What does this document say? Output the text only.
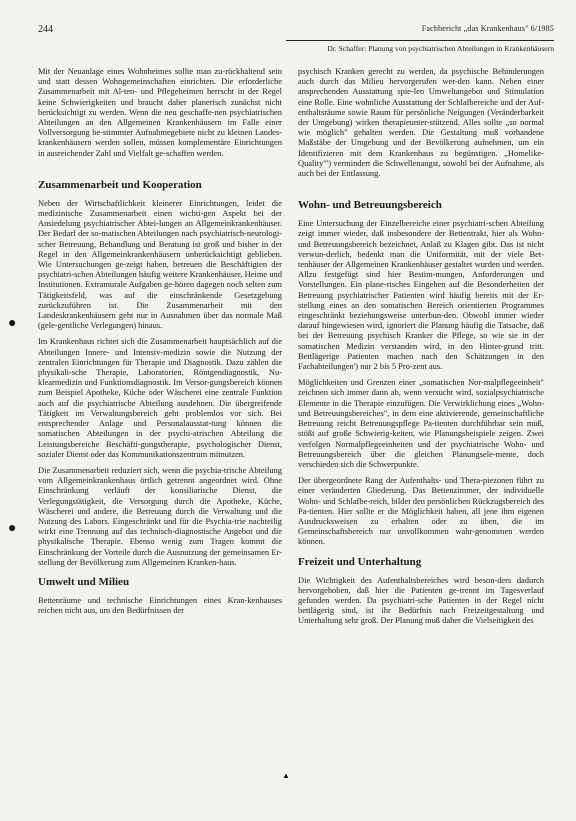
244	Fachbericht „das Krankenhaus" 6/1985
Dr. Schaffer: Planung von psychiatrischen Abteilungen in Krankenhäusern
●
●
▲

Mit der Neuanlage eines Wohnheimes sollte man zu-rückhaltend sein und statt dessen Wohngemeinschaften einrichten. Die erforderliche Zusammenarbeit mit Al-ten- und Pflegeheimen herrscht in der Regel keine Schwierigkeiten und braucht daher planerisch zunächst nicht berücksichtigt zu werden. Wenn die neu geschaffe-nen psychiatrischen Abteilungen an den Allgemeinen Krankenhäusern im Falle einer Vollversorgung be-stimmter Aufnahmegebiete nicht zu kleinen Landes-krankenhäusern werden sollen, müssen komplementäre Einrichtungen in ausreichender Zahl und Vielfalt ge-schaffen werden.

Zusammenarbeit und Kooperation

Neben der Wirtschaftlichkeit kleinerer Einrichtungen, leidet die medizinische Zusammenarbeit einen wichti-gen Aspekt bei der Ansiedelung psychiatrischer Abtei-lungen an Allgemeinkrankenhäuser. Der Bedarf der so-matischen Abteilungen nach psychiatrisch-neurologi-scher Betreuung, Behandlung und Beratung ist groß und bisher in der Regel in den Allgemeinkrankenhäusern unberücksichtigt geblieben. Wie Untersuchungen ge-zeigt haben, betreuen die Beschäftigten der psychiatri-schen Abteilungen häufig weitere Krankenhäuser, Heime und Institutionen. Extramurale Aufgaben ge-hören dagegen noch selten zum Tätigkeitsfeld, was auf die einschränkende Gesetzgebung zurückzuführen ist. Die Zusammenarbeit mit den Landeskrankenhäusern geht nur in Ausnahmen über das normale Maß (gele-gentliche Verlegungen) hinaus.

Im Krankenhaus richtet sich die Zusammenarbeit hauptsächlich auf die Abteilungen Innere- und Intensiv-medizin sowie die Nutzung der zentralen Einrichtungen für Therapie und Diagnostik. Dazu zählen die physikali-sche Therapie, Laboratorien, Röntgendiagnostik, Nu-klearmedizin und Funktionsdiagnostik. Im Versor-gungsbereich können zum Beispiel Apotheke, Küche oder Wäscherei eine zentrale Funktion auch auf die psychiatrische Abteilung ausdehnen. Die übergreifende Tätigkeit im Verwaltungsbereich geht problemlos vor sich. Bei entsprechender Anlage und Personalausstat-tung können die somatischen Abteilungen in der psychi-atrischen Abteilung die Leistungsbereiche Beschäfti-gungstherapie, psychologischer Dienst, sozialer Dienst oder das Kommunikationszentrum mitnutzen.

Die Zusammenarbeit reduziert sich, wenn die psychia-trische Abteilung vom Allgemeinkrankenhaus örtlich getrennt angeordnet wird. Ohne Einschränkung verläuft der konsiliarische Dienst, die Verlegungstätigkeit, die Versorgung durch die Apotheke, Küche, Wäscherei und andere, die Betreuung durch die Verwaltung und die Nutzung des Labors. Eingeschränkt und für die Psychia-trie nachteilig wirkt eine Trennung auf das technisch-diagnostische Angebot und die physikalische Therapie. Ebenso wenig zum Tragen kommt die Einschränkung der Vorteile durch die Ausnutzung der gemeinsamen Er-stellung der Bevölkerung zum Allgemeinen Kranken-haus.

Umwelt und Milieu

Bettenräume und technische Einrichtungen eines Kran-kenhauses reichen nicht aus, um den Bedürfnissen der

psychisch Kranken gerecht zu werden, da psychische Behinderungen auch durch das Milieu hervorgerufen wer-den kann. Neben einer ansprechenden Ausstattung spie-len Umweltangebot und Stimulation eine Rolle. Eine wohnliche Ausstattung der Schlafbereiche und der Auf-enthaltsräume sowie Raum für persönliche Neigungen (Veränderbarkeit der Umgebung) wirken therapieunter-stützend. Alles sollte „so normal wie möglich" gehalten werden. Die Gestaltung muß vorhandene Maßstäbe der Umgebung und der Bevölkerung aufnehmen, um ein Identifizieren mit dem Krankenhaus zu begünstigen. „Homelike-Quality"') vermindert die Schwellenangst, sowohl bei der Aufnahme, als auch bei der Entlassung.

Wohn- und Betreuungsbereich

Eine Untersuchung der Einzelbereiche einer psychiatri-schen Abteilung zeigt immer wieder, daß insbesondere der Bettentrakt, hier als Wohn- und Betreuungsbereich bezeichnet, Anlaß zu Klagen gibt. Das ist nicht verwun-derlich, bedenkt man die Uniformität, mit der viele Bet-tenhäuser der Allgemeinen Krankenhäuser gestaltet wurden und werden. Allzu festgefügt sind hier Bestim-mungen, Anforderungen und Vorstellungen. Ein plane-risches Eingehen auf die Besonderheiten der Betreuung psychiatrischer Patienten wird häufig bereits mit der Er-stellung eines an den somatischen Bereich orientierten Programmes eingeschränkt beziehungsweise unterbun-den. Obwohl immer wieder darauf hingewiesen wird, ignoriert die Planung häufig die Tatsache, daß bei der Betreuung psychisch Kranker die Pflege, so wie sie in der somatischen Medizin verstanden wird, in den Hinter-grund tritt. Bettlägerige Patienten machen nach den Schätzungen in den Fachabteilungen') nur 2 bis 5 Pro-zent aus.

Möglichkeiten und Grenzen einer „somatischen Nor-malpflegeeinheit" zeichnen sich immer dann ab, wenn versucht wird, sozialpsychiatrische Elemente in die Therapie einzufügen. Die Verwirklichung eines „Wohn- und Betreuungsbereiches", in dem eine aktivierende, gemeinschaftliche Betreuung reicht Betreuungspflege Pa-tienten durchführbar sein muß, stößt auf große Schwierig-keiten, wie Planungsbeispiele zeigen. Zwei verfolgen Normalpflegeeinheiten und der psychiatrische Wohn- und Betreuungsbereich über die gleichen Planungsele-mente, doch verschieden sich die Schwerpunkte.

Der übergeordnete Rang der Aufenthalts- und Thera-piezonen führt zu einer veränderten Gliederung. Das Bettenzimmer, der individuelle Wohn- und Schlafbe-reich, bildet den persönlichen Rückzugsbereich des Pa-tienten. Hier sollte er die Möglichkeit haben, all jene ihm eigenen Ausdrucksweisen zu erhalten oder zu üben, die im Gemeinschaftsbereich nur unvollkommen wahr-genommen werden können.

Freizeit und Unterhaltung

Die Wichtigkeit des Aufenthaltsbereiches wird beson-ders dadurch hervorgehoben, daß hier die Patienten ge-trennt im Tagesverlauf gefunden werden. Da psychiatri-sche Patienten in der Regel nicht bettlägerig sind, ist ihr Bedürfnis nach Freizeitgestaltung und Unterhaltung sehr groß. Der Planung muß daher die Vielseitigkeit des
